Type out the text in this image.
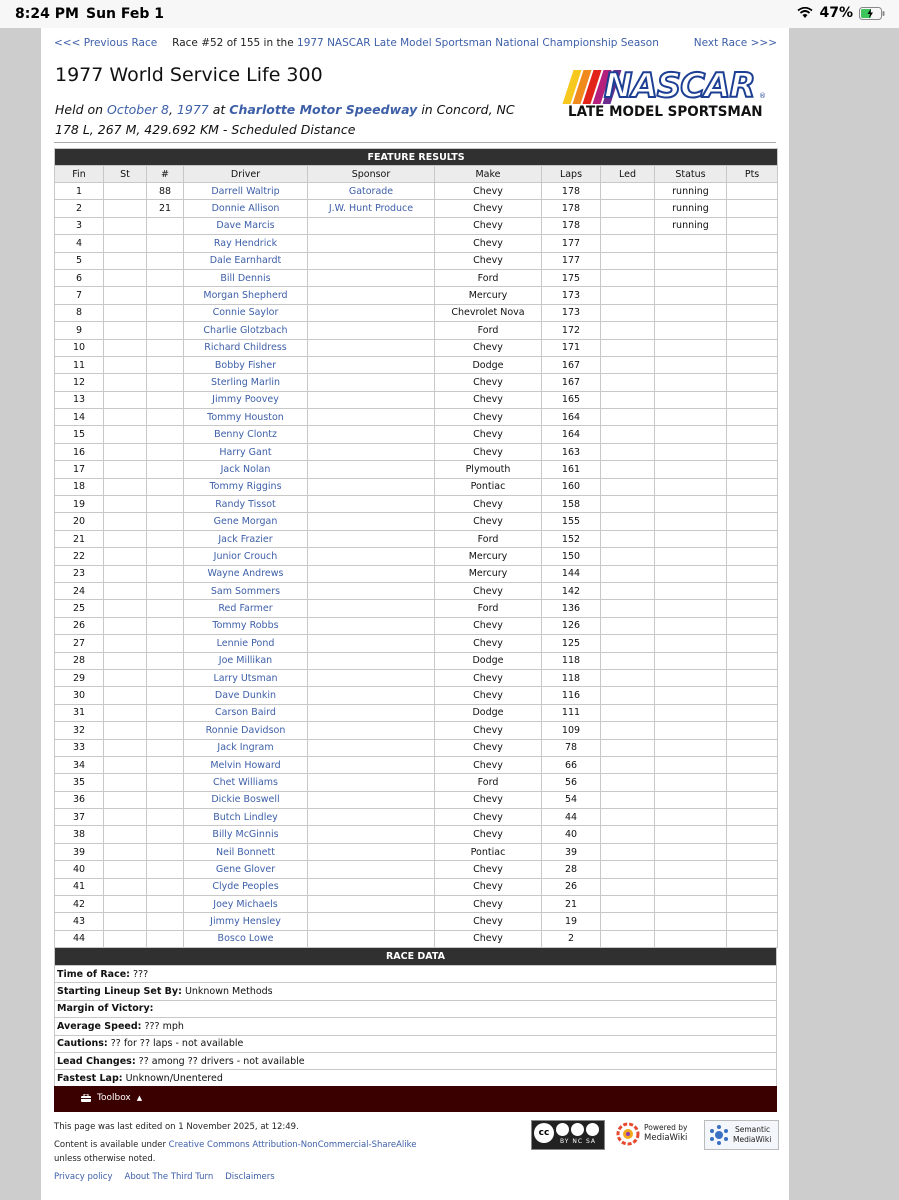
8:24 PM Sun Feb 1	47%
Race #52 of 155 in the 1977 NASCAR Late Model Sportsman National Championship Season
<<< Previous Race	Next Race >>>
1977 World Service Life 300
Held on October 8, 1977 at Charlotte Motor Speedway in Concord, NC
178 L, 267 M, 429.692 KM - Scheduled Distance
NASCAR ®
LATE MODEL SPORTSMAN
FEATURE RESULTS									
Fin	St	#	Driver	Sponsor	Make	Laps	Led	Status	Pts
1		88	Darrell Waltrip	Gatorade	Chevy	178		running	
2		21	Donnie Allison	J.W. Hunt Produce	Chevy	178		running	
3			Dave Marcis		Chevy	178		running	
4			Ray Hendrick		Chevy	177			
5			Dale Earnhardt		Chevy	177			
6			Bill Dennis		Ford	175			
7			Morgan Shepherd		Mercury	173			
8			Connie Saylor		Chevrolet Nova	173			
9			Charlie Glotzbach		Ford	172			
10			Richard Childress		Chevy	171			
11			Bobby Fisher		Dodge	167			
12			Sterling Marlin		Chevy	167			
13			Jimmy Poovey		Chevy	165			
14			Tommy Houston		Chevy	164			
15			Benny Clontz		Chevy	164			
16			Harry Gant		Chevy	163			
17			Jack Nolan		Plymouth	161			
18			Tommy Riggins		Pontiac	160			
19			Randy Tissot		Chevy	158			
20			Gene Morgan		Chevy	155			
21			Jack Frazier		Ford	152			
22			Junior Crouch		Mercury	150			
23			Wayne Andrews		Mercury	144			
24			Sam Sommers		Chevy	142			
25			Red Farmer		Ford	136			
26			Tommy Robbs		Chevy	126			
27			Lennie Pond		Chevy	125			
28			Joe Millikan		Dodge	118			
29			Larry Utsman		Chevy	118			
30			Dave Dunkin		Chevy	116			
31			Carson Baird		Dodge	111			
32			Ronnie Davidson		Chevy	109			
33			Jack Ingram		Chevy	78			
34			Melvin Howard		Chevy	66			
35			Chet Williams		Ford	56			
36			Dickie Boswell		Chevy	54			
37			Butch Lindley		Chevy	44			
38			Billy McGinnis		Chevy	40			
39			Neil Bonnett		Pontiac	39			
40			Gene Glover		Chevy	28			
41			Clyde Peoples		Chevy	26			
42			Joey Michaels		Chevy	21			
43			Jimmy Hensley		Chevy	19			
44			Bosco Lowe		Chevy	2			
RACE DATA
Time of Race: ???
Starting Lineup Set By: Unknown Methods
Margin of Victory:
Average Speed: ??? mph
Cautions: ?? for ?? laps - not available
Lead Changes: ?? among ?? drivers - not available
Fastest Lap: Unknown/Unentered
Toolbox ▲
This page was last edited on 1 November 2025, at 12:49.
Content is available under Creative Commons Attribution-NonCommercial-ShareAlike
unless otherwise noted.
Privacy policy About The Third Turn Disclaimers
cc
BY NC SA
Powered by
MediaWiki
Semantic
MediaWiki
